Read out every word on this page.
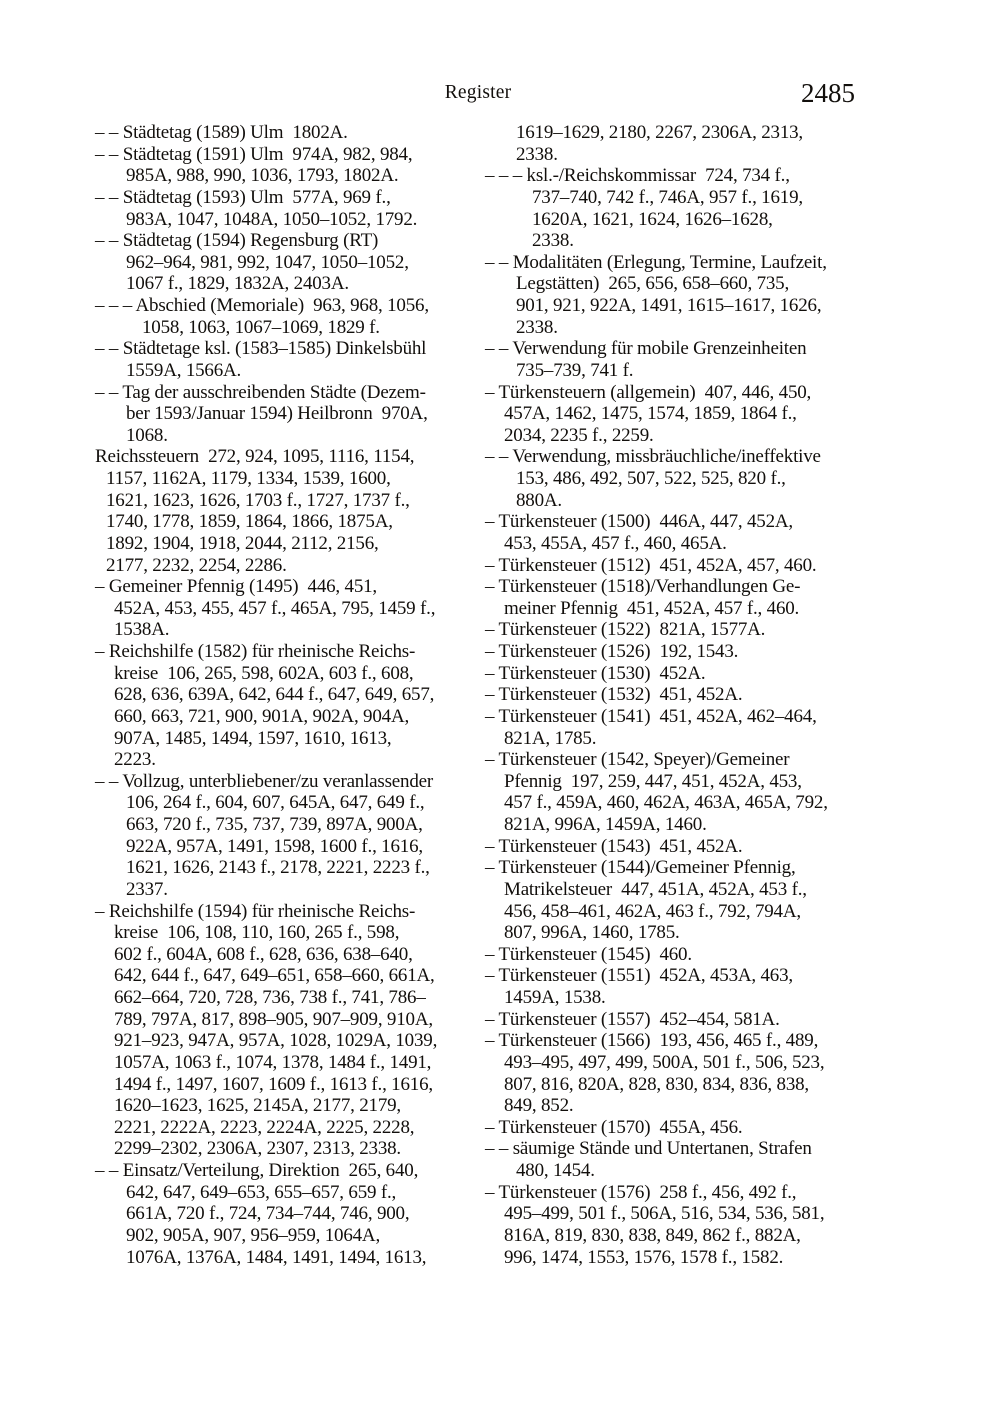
Register	2485
– – Städtetag (1589) Ulm  1802A.
– – Städtetag (1591) Ulm  974A, 982, 984,
985A, 988, 990, 1036, 1793, 1802A.
– – Städtetag (1593) Ulm  577A, 969 f.,
983A, 1047, 1048A, 1050–1052, 1792.
– – Städtetag (1594) Regensburg (RT)
962–964, 981, 992, 1047, 1050–1052,
1067 f., 1829, 1832A, 2403A.
– – – Abschied (Memoriale)  963, 968, 1056,
1058, 1063, 1067–1069, 1829 f.
– – Städtetage ksl. (1583–1585) Dinkelsbühl
1559A, 1566A.
– – Tag der ausschreibenden Städte (Dezem-
ber 1593/Januar 1594) Heilbronn  970A,
1068.
Reichssteuern  272, 924, 1095, 1116, 1154,
1157, 1162A, 1179, 1334, 1539, 1600,
1621, 1623, 1626, 1703 f., 1727, 1737 f.,
1740, 1778, 1859, 1864, 1866, 1875A,
1892, 1904, 1918, 2044, 2112, 2156,
2177, 2232, 2254, 2286.
– Gemeiner Pfennig (1495)  446, 451,
452A, 453, 455, 457 f., 465A, 795, 1459 f.,
1538A.
– Reichshilfe (1582) für rheinische Reichs-
kreise  106, 265, 598, 602A, 603 f., 608,
628, 636, 639A, 642, 644 f., 647, 649, 657,
660, 663, 721, 900, 901A, 902A, 904A,
907A, 1485, 1494, 1597, 1610, 1613,
2223.
– – Vollzug, unterbliebener/zu veranlassender
106, 264 f., 604, 607, 645A, 647, 649 f.,
663, 720 f., 735, 737, 739, 897A, 900A,
922A, 957A, 1491, 1598, 1600 f., 1616,
1621, 1626, 2143 f., 2178, 2221, 2223 f.,
2337.
– Reichshilfe (1594) für rheinische Reichs-
kreise  106, 108, 110, 160, 265 f., 598,
602 f., 604A, 608 f., 628, 636, 638–640,
642, 644 f., 647, 649–651, 658–660, 661A,
662–664, 720, 728, 736, 738 f., 741, 786–
789, 797A, 817, 898–905, 907–909, 910A,
921–923, 947A, 957A, 1028, 1029A, 1039,
1057A, 1063 f., 1074, 1378, 1484 f., 1491,
1494 f., 1497, 1607, 1609 f., 1613 f., 1616,
1620–1623, 1625, 2145A, 2177, 2179,
2221, 2222A, 2223, 2224A, 2225, 2228,
2299–2302, 2306A, 2307, 2313, 2338.
– – Einsatz/Verteilung, Direktion  265, 640,
642, 647, 649–653, 655–657, 659 f.,
661A, 720 f., 724, 734–744, 746, 900,
902, 905A, 907, 956–959, 1064A,
1076A, 1376A, 1484, 1491, 1494, 1613,
1619–1629, 2180, 2267, 2306A, 2313,
2338.
– – – ksl.-/Reichskommissar  724, 734 f.,
737–740, 742 f., 746A, 957 f., 1619,
1620A, 1621, 1624, 1626–1628,
2338.
– – Modalitäten (Erlegung, Termine, Laufzeit,
Legstätten)  265, 656, 658–660, 735,
901, 921, 922A, 1491, 1615–1617, 1626,
2338.
– – Verwendung für mobile Grenzeinheiten
735–739, 741 f.
– Türkensteuern (allgemein)  407, 446, 450,
457A, 1462, 1475, 1574, 1859, 1864 f.,
2034, 2235 f., 2259.
– – Verwendung, missbräuchliche/ineffektive
153, 486, 492, 507, 522, 525, 820 f.,
880A.
– Türkensteuer (1500)  446A, 447, 452A,
453, 455A, 457 f., 460, 465A.
– Türkensteuer (1512)  451, 452A, 457, 460.
– Türkensteuer (1518)/Verhandlungen Ge-
meiner Pfennig  451, 452A, 457 f., 460.
– Türkensteuer (1522)  821A, 1577A.
– Türkensteuer (1526)  192, 1543.
– Türkensteuer (1530)  452A.
– Türkensteuer (1532)  451, 452A.
– Türkensteuer (1541)  451, 452A, 462–464,
821A, 1785.
– Türkensteuer (1542, Speyer)/Gemeiner
Pfennig  197, 259, 447, 451, 452A, 453,
457 f., 459A, 460, 462A, 463A, 465A, 792,
821A, 996A, 1459A, 1460.
– Türkensteuer (1543)  451, 452A.
– Türkensteuer (1544)/Gemeiner Pfennig,
Matrikelsteuer  447, 451A, 452A, 453 f.,
456, 458–461, 462A, 463 f., 792, 794A,
807, 996A, 1460, 1785.
– Türkensteuer (1545)  460.
– Türkensteuer (1551)  452A, 453A, 463,
1459A, 1538.
– Türkensteuer (1557)  452–454, 581A.
– Türkensteuer (1566)  193, 456, 465 f., 489,
493–495, 497, 499, 500A, 501 f., 506, 523,
807, 816, 820A, 828, 830, 834, 836, 838,
849, 852.
– Türkensteuer (1570)  455A, 456.
– – säumige Stände und Untertanen, Strafen
480, 1454.
– Türkensteuer (1576)  258 f., 456, 492 f.,
495–499, 501 f., 506A, 516, 534, 536, 581,
816A, 819, 830, 838, 849, 862 f., 882A,
996, 1474, 1553, 1576, 1578 f., 1582.
